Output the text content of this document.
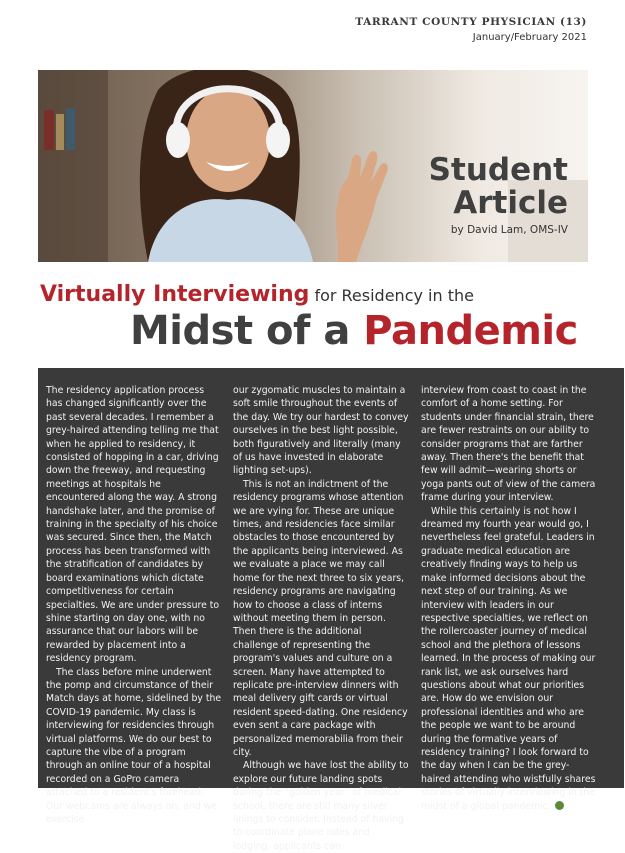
TARRANT COUNTY PHYSICIAN (13)
January/February 2021
Student
Article
by David Lam, OMS-IV
Virtually Interviewing for Residency in the
Midst of a Pandemic

The residency application process has changed significantly over the past several decades. I remember a grey-haired attending telling me that when he applied to residency, it consisted of hopping in a car, driving down the freeway, and requesting meetings at hospitals he encountered along the way. A strong handshake later, and the promise of training in the specialty of his choice was secured. Since then, the Match process has been transformed with the stratification of candidates by board examinations which dictate competitiveness for certain specialties. We are under pressure to shine starting on day one, with no assurance that our labors will be rewarded by placement into a residency program.

The class before mine underwent the pomp and circumstance of their Match days at home, sidelined by the COVID-19 pandemic. My class is interviewing for residencies through virtual platforms. We do our best to capture the vibe of a program through an online tour of a hospital recorded on a GoPro camera attached to a resident's forehead. Our webcams are always on, and we exercise

our zygomatic muscles to maintain a soft smile throughout the events of the day. We try our hardest to convey ourselves in the best light possible, both figuratively and literally (many of us have invested in elaborate lighting set-ups).

This is not an indictment of the residency programs whose attention we are vying for. These are unique times, and residencies face similar obstacles to those encountered by the applicants being interviewed. As we evaluate a place we may call home for the next three to six years, residency programs are navigating how to choose a class of interns without meeting them in person. Then there is the additional challenge of representing the program's values and culture on a screen. Many have attempted to replicate pre-interview dinners with meal delivery gift cards or virtual resident speed-dating. One residency even sent a care package with personalized memorabilia from their city.

Although we have lost the ability to explore our future landing spots during the “golden year” of medical school, there are still many silver linings to consider. Instead of having to coordinate plane rides and lodging, applicants can

interview from coast to coast in the comfort of a home setting. For students under financial strain, there are fewer restraints on our ability to consider programs that are farther away. Then there's the benefit that few will admit—wearing shorts or yoga pants out of view of the camera frame during your interview.

While this certainly is not how I dreamed my fourth year would go, I nevertheless feel grateful. Leaders in graduate medical education are creatively finding ways to help us make informed decisions about the next step of our training. As we interview with leaders in our respective specialties, we reflect on the rollercoaster journey of medical school and the plethora of lessons learned. In the process of making our rank list, we ask ourselves hard questions about what our priorities are. How do we envision our professional identities and who are the people we want to be around during the formative years of residency training? I look forward to the day when I can be the grey-haired attending who wistfully shares stories of virtually interviewing in the midst of a global pandemic.
